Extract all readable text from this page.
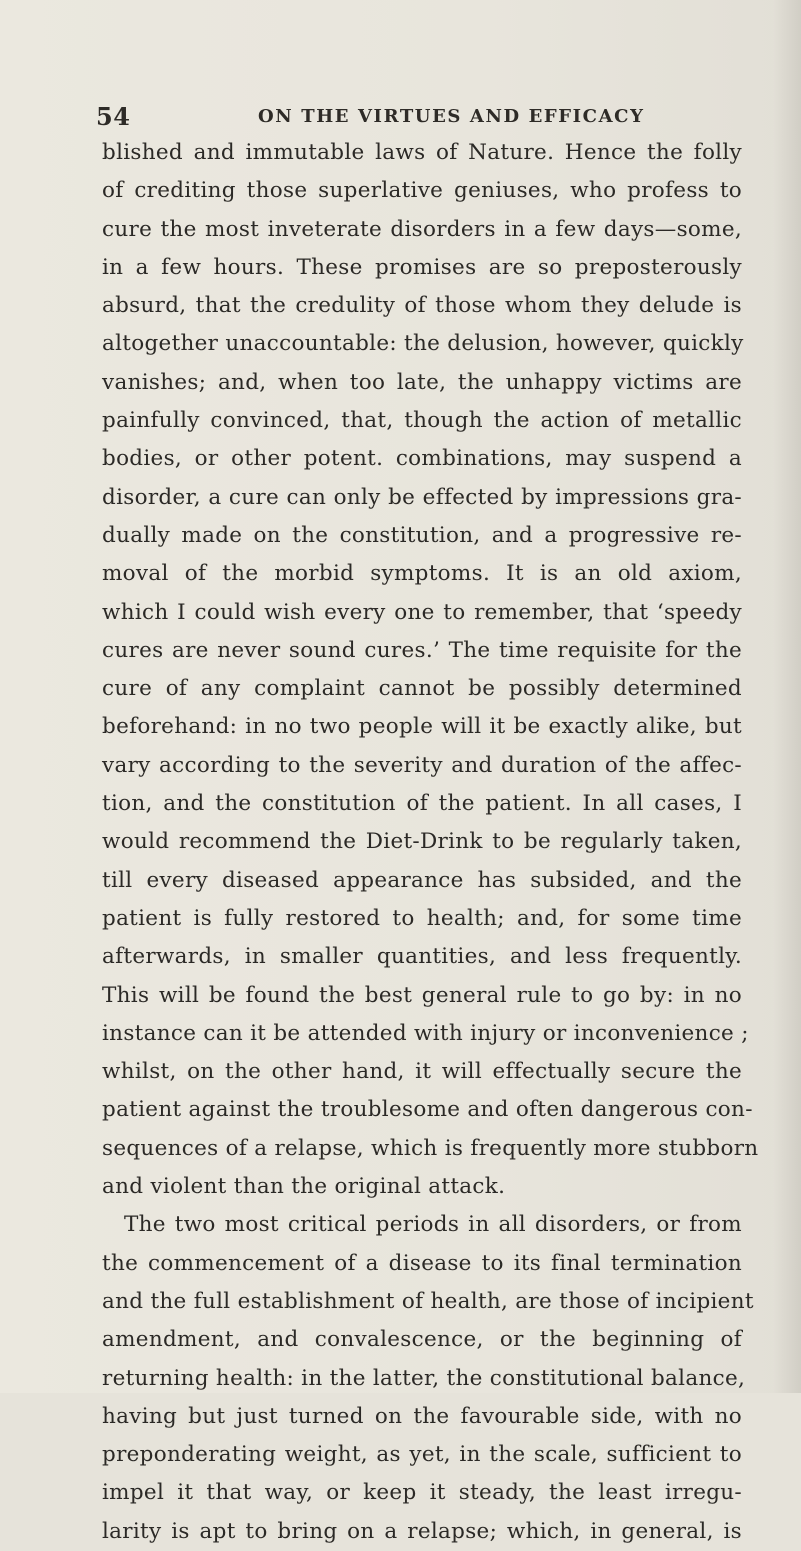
54	ON THE VIRTUES AND EFFICACY
blished and immutable laws of Nature. Hence the folly
of crediting those superlative geniuses, who profess to
cure the most inveterate disorders in a few days—some,
in a few hours. These promises are so preposterously
absurd, that the credulity of those whom they delude is
altogether unaccountable: the delusion, however, quickly
vanishes; and, when too late, the unhappy victims are
painfully convinced, that, though the action of metallic
bodies, or other potent. combinations, may suspend a
disorder, a cure can only be effected by impressions gra-
dually made on the constitution, and a progressive re-
moval of the morbid symptoms. It is an old axiom,
which I could wish every one to remember, that ‘speedy
cures are never sound cures.’ The time requisite for the
cure of any complaint cannot be possibly determined
beforehand: in no two people will it be exactly alike, but
vary according to the severity and duration of the affec-
tion, and the constitution of the patient. In all cases, I
would recommend the Diet-Drink to be regularly taken,
till every diseased appearance has subsided, and the
patient is fully restored to health; and, for some time
afterwards, in smaller quantities, and less frequently.
This will be found the best general rule to go by: in no
instance can it be attended with injury or inconvenience ;
whilst, on the other hand, it will effectually secure the
patient against the troublesome and often dangerous con-
sequences of a relapse, which is frequently more stubborn
and violent than the original attack.
The two most critical periods in all disorders, or from
the commencement of a disease to its final termination
and the full establishment of health, are those of incipient
amendment, and convalescence, or the beginning of
returning health: in the latter, the constitutional balance,
having but just turned on the favourable side, with no
preponderating weight, as yet, in the scale, sufficient to
impel it that way, or keep it steady, the least irregu-
larity is apt to bring on a relapse; which, in general, is
